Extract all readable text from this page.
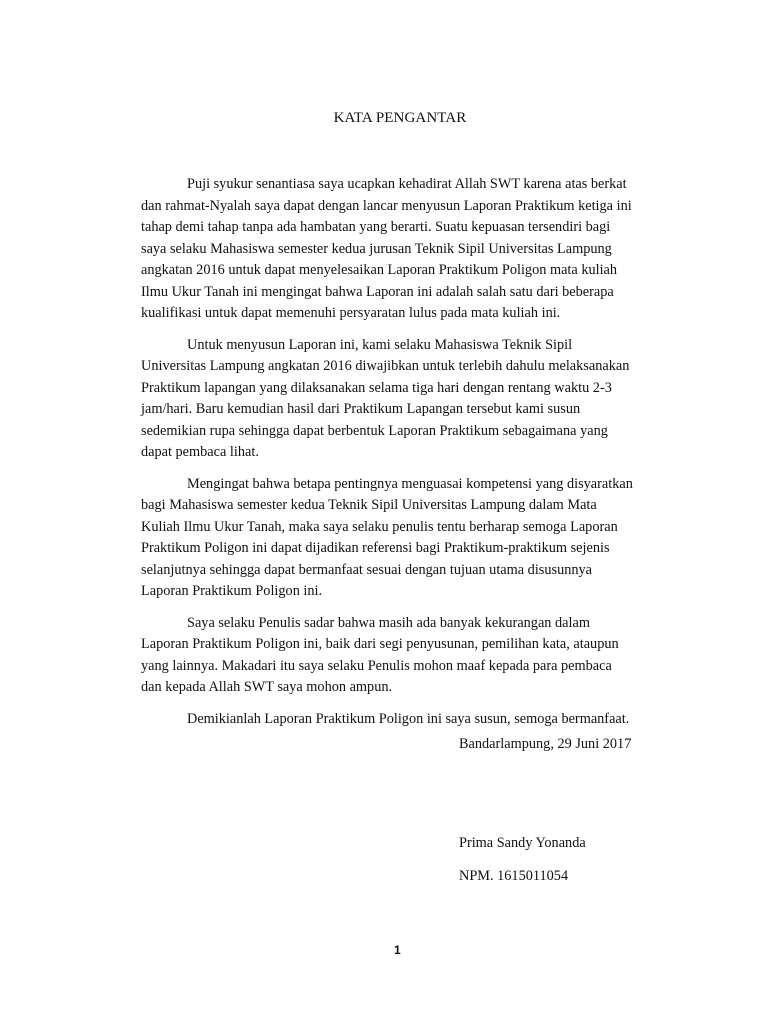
KATA PENGANTAR

Puji syukur senantiasa saya ucapkan kehadirat Allah SWT karena atas berkat
dan rahmat-Nyalah saya dapat dengan lancar menyusun Laporan Praktikum ketiga ini
tahap demi tahap tanpa ada hambatan yang berarti. Suatu kepuasan tersendiri bagi
saya selaku Mahasiswa semester kedua jurusan Teknik Sipil Universitas Lampung
angkatan 2016 untuk dapat menyelesaikan Laporan Praktikum Poligon mata kuliah
Ilmu Ukur Tanah ini mengingat bahwa Laporan ini adalah salah satu dari beberapa
kualifikasi untuk dapat memenuhi persyaratan lulus pada mata kuliah ini.

Untuk menyusun Laporan ini, kami selaku Mahasiswa Teknik Sipil
Universitas Lampung angkatan 2016 diwajibkan untuk terlebih dahulu melaksanakan
Praktikum lapangan yang dilaksanakan selama tiga hari dengan rentang waktu 2-3
jam/hari. Baru kemudian hasil dari Praktikum Lapangan tersebut kami susun
sedemikian rupa sehingga dapat berbentuk Laporan Praktikum sebagaimana yang
dapat pembaca lihat.

Mengingat bahwa betapa pentingnya menguasai kompetensi yang disyaratkan
bagi Mahasiswa semester kedua Teknik Sipil Universitas Lampung dalam Mata
Kuliah Ilmu Ukur Tanah, maka saya selaku penulis tentu berharap semoga Laporan
Praktikum Poligon ini dapat dijadikan referensi bagi Praktikum-praktikum sejenis
selanjutnya sehingga dapat bermanfaat sesuai dengan tujuan utama disusunnya
Laporan Praktikum Poligon ini.

Saya selaku Penulis sadar bahwa masih ada banyak kekurangan dalam
Laporan Praktikum Poligon ini, baik dari segi penyusunan, pemilihan kata, ataupun
yang lainnya. Makadari itu saya selaku Penulis mohon maaf kepada para pembaca
dan kepada Allah SWT saya mohon ampun.

Demikianlah Laporan Praktikum Poligon ini saya susun, semoga bermanfaat.

Bandarlampung, 29 Juni 2017
Prima Sandy Yonanda
NPM. 1615011054
1
